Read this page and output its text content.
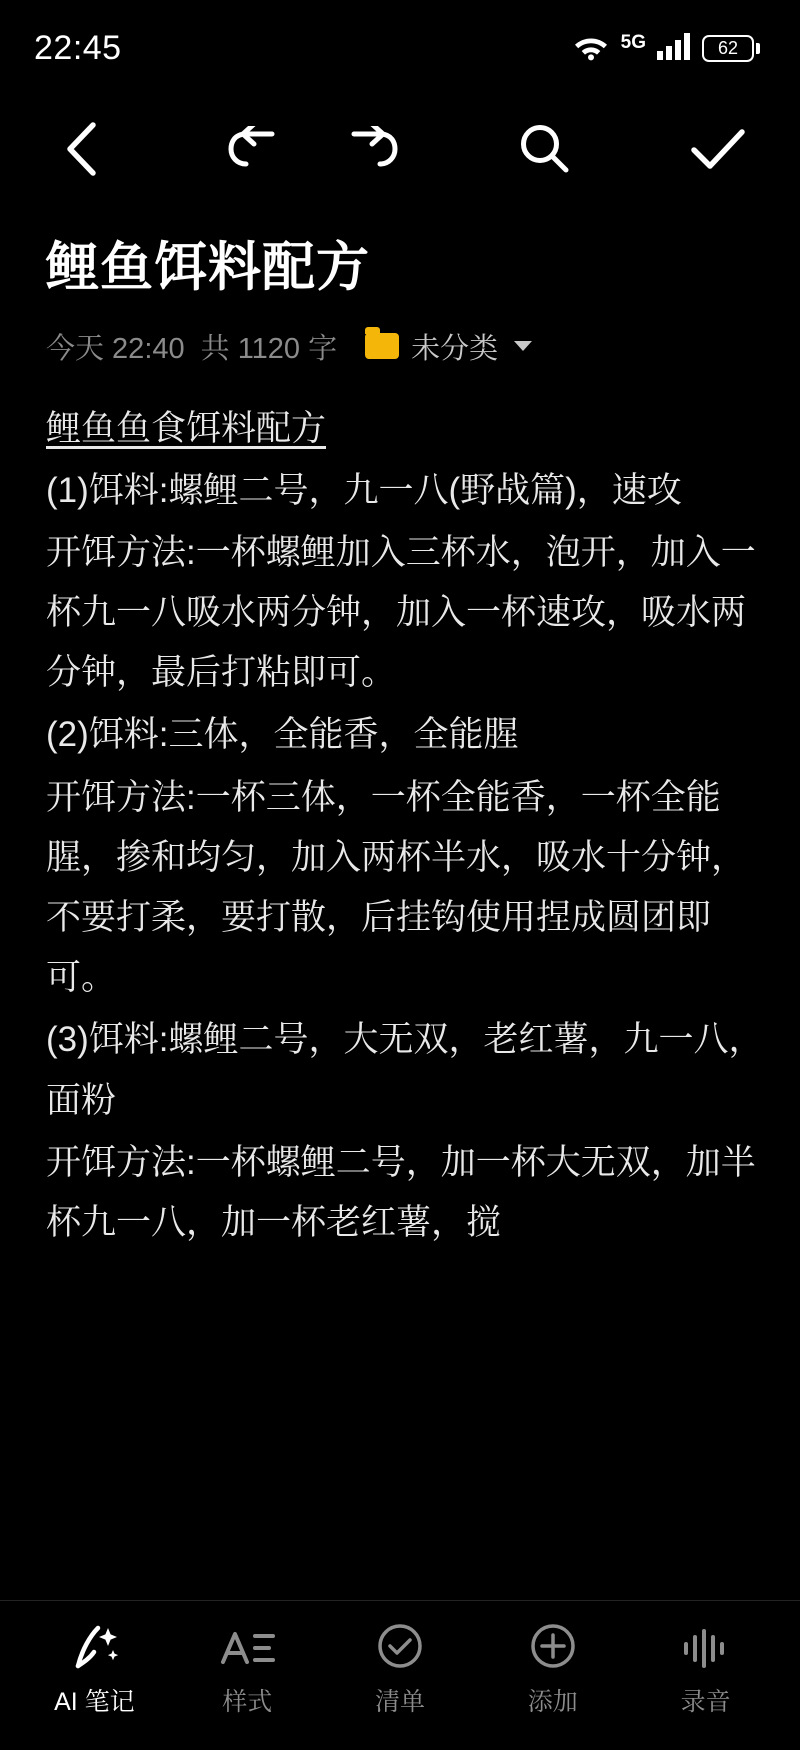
22:45	5G	62
鲤鱼饵料配方
今天 22:40 共 1120 字	未分类
鲤鱼鱼食饵料配方
(1)饵料:螺鲤二号，九一八(野战篇)，速攻
开饵方法:一杯螺鲤加入三杯水，泡开，加入一杯九一八吸水两分钟，加入一杯速攻，吸水两分钟，最后打粘即可。
(2)饵料:三体，全能香，全能腥
开饵方法:一杯三体，一杯全能香，一杯全能腥，掺和均匀，加入两杯半水，吸水十分钟，不要打柔，要打散，后挂钩使用捏成圆团即可。
(3)饵料:螺鲤二号，大无双，老红薯，九一八，面粉
开饵方法:一杯螺鲤二号，加一杯大无双，加半杯九一八，加一杯老红薯，搅
AI 笔记	样式	清单	添加	录音
